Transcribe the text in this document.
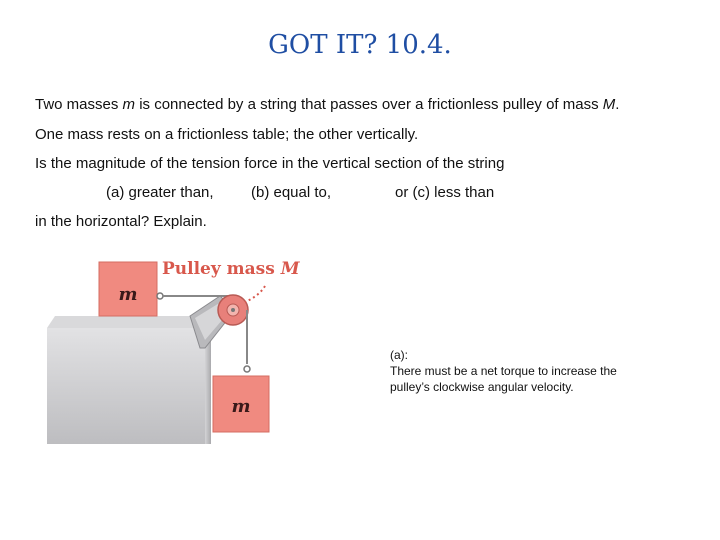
GOT IT? 10.4.
Two masses m is connected by a string that passes over a frictionless pulley of mass M.
One mass rests on a frictionless table; the other vertically.
Is the magnitude of the tension force in the vertical section of the string
(a) greater than, (b) equal to,	or (c) less than
in the horizontal? Explain.
m
m
Pulley mass M
(a):
There must be a net torque to increase the
pulley’s clockwise angular velocity.
